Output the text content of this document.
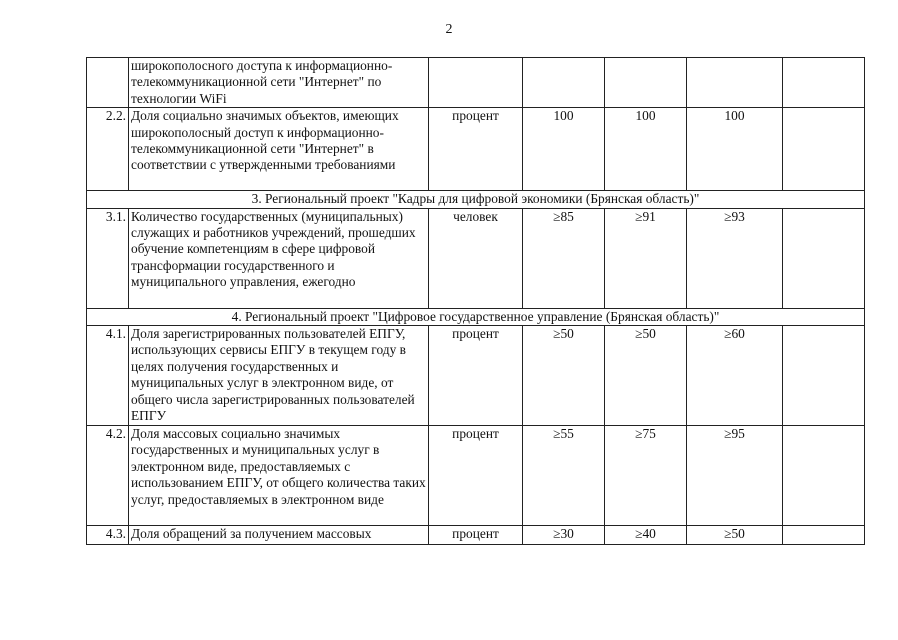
2
	широкополосного доступа к информационно-телекоммуникационной сети "Интернет" по технологии WiFi					
2.2.	Доля социально значимых объектов, имеющих широкополосный доступ к информационно-телекоммуникационной сети "Интернет" в соответствии с утвержденными требованиями	процент	100	100	100	
3. Региональный проект "Кадры для цифровой экономики (Брянская область)"						
3.1.	Количество государственных (муниципальных) служащих и работников учреждений, прошедших обучение компетенциям в сфере цифровой трансформации государственного и муниципального управления, ежегодно	человек	≥85	≥91	≥93	
4. Региональный проект "Цифровое государственное управление (Брянская область)"						
4.1.	Доля зарегистрированных пользователей ЕПГУ, использующих сервисы ЕПГУ в текущем году в целях получения государственных и муниципальных услуг в электронном виде, от общего числа зарегистрированных пользователей ЕПГУ	процент	≥50	≥50	≥60	
4.2.	Доля массовых социально значимых государственных и муниципальных услуг в электронном виде, предоставляемых с использованием ЕПГУ, от общего количества таких услуг, предоставляемых в электронном виде	процент	≥55	≥75	≥95	
4.3.	Доля обращений за получением массовых	процент	≥30	≥40	≥50	
